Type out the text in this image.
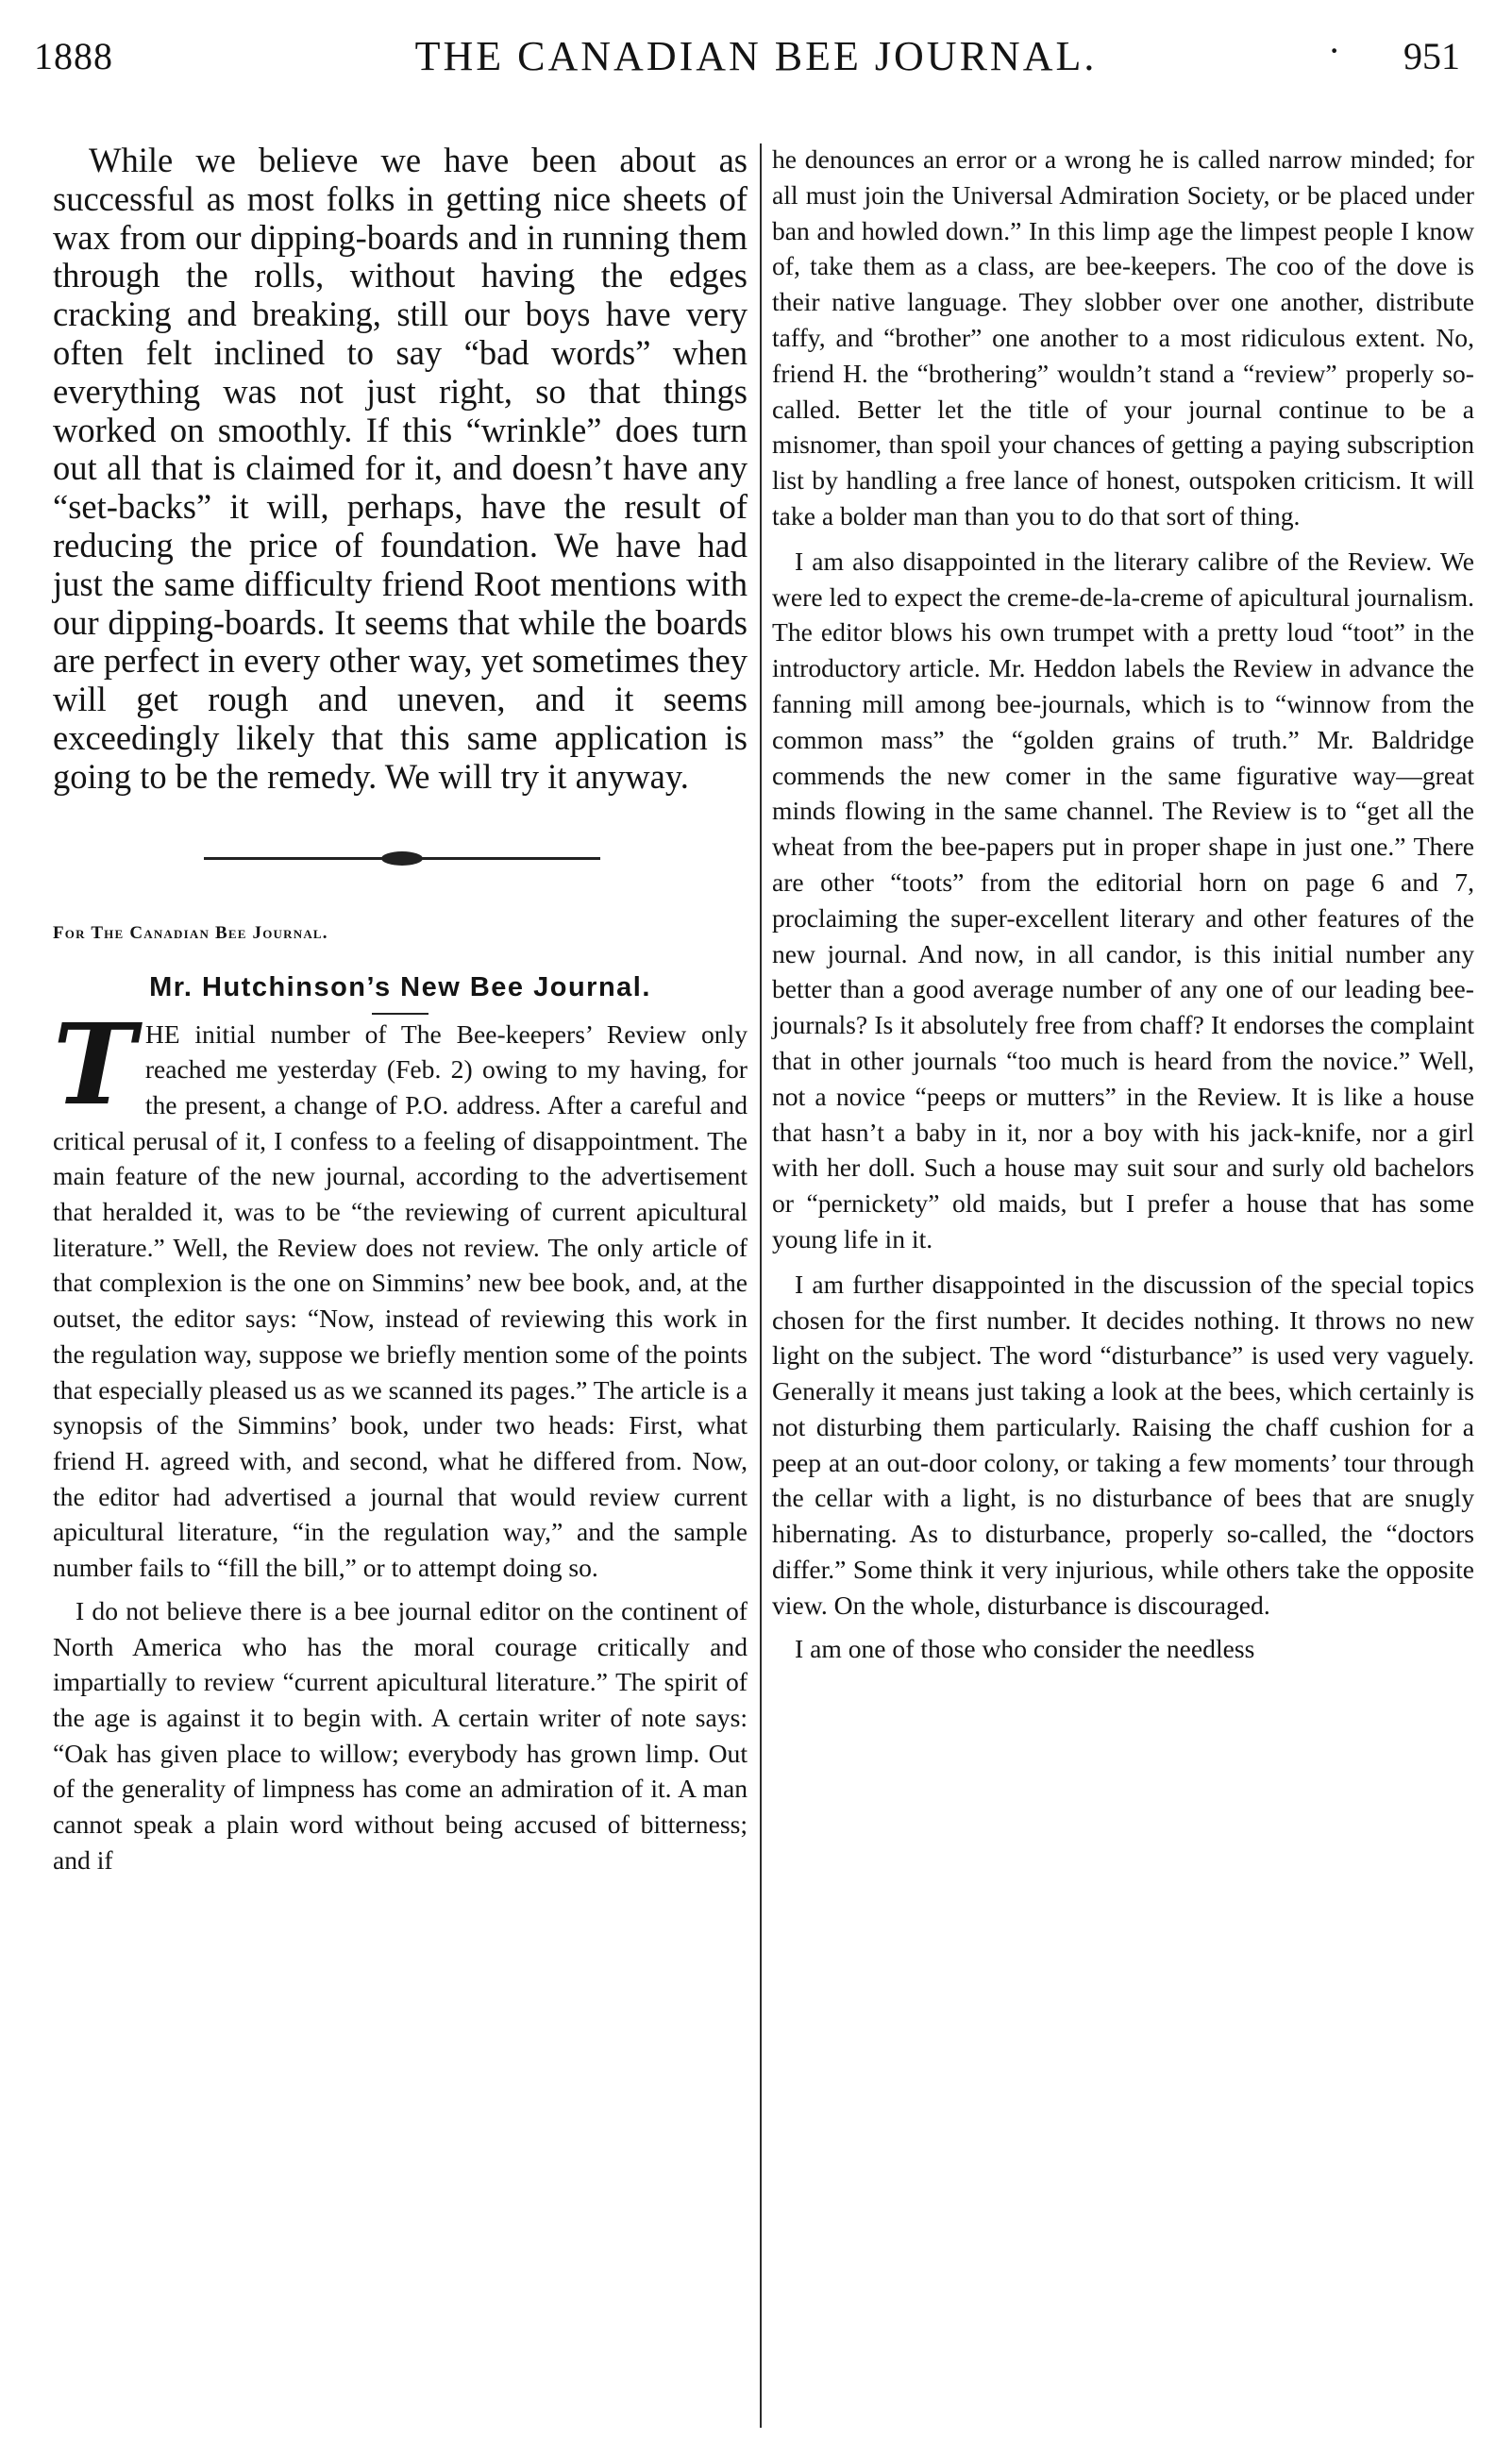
1888	THE CANADIAN BEE JOURNAL.	· 951

While we believe we have been about as successful as most folks in getting nice sheets of wax from our dipping-boards and in running them through the rolls, without having the edges cracking and breaking, still our boys have very often felt inclined to say “bad words” when everything was not just right, so that things worked on smoothly. If this “wrinkle” does turn out all that is claimed for it, and doesn’t have any “set-backs” it will, perhaps, have the result of reducing the price of foundation. We have had just the same difficulty friend Root mentions with our dipping-boards. It seems that while the boards are perfect in every other way, yet sometimes they will get rough and uneven, and it seems exceedingly likely that this same application is going to be the remedy. We will try it anyway.

For The Canadian Bee Journal.
Mr. Hutchinson’s New Bee Journal.

THE initial number of The Bee-keepers’ Review only reached me yesterday (Feb. 2) owing to my having, for the present, a change of P.O. address. After a careful and critical perusal of it, I confess to a feeling of disappointment. The main feature of the new journal, according to the advertisement that heralded it, was to be “the reviewing of current apicultural literature.” Well, the Review does not review. The only article of that complexion is the one on Simmins’ new bee book, and, at the outset, the editor says: “Now, instead of reviewing this work in the regulation way, suppose we briefly mention some of the points that especially pleased us as we scanned its pages.” The article is a synopsis of the Simmins’ book, under two heads: First, what friend H. agreed with, and second, what he differed from. Now, the editor had advertised a journal that would review current apicultural literature, “in the regulation way,” and the sample number fails to “fill the bill,” or to attempt doing so.

I do not believe there is a bee journal editor on the continent of North America who has the moral courage critically and impartially to review “current apicultural literature.” The spirit of the age is against it to begin with. A certain writer of note says: “Oak has given place to willow; everybody has grown limp. Out of the generality of limpness has come an admiration of it. A man cannot speak a plain word without being accused of bitterness; and if

he denounces an error or a wrong he is called narrow minded; for all must join the Universal Admiration Society, or be placed under ban and howled down.” In this limp age the limpest people I know of, take them as a class, are bee-keepers. The coo of the dove is their native language. They slobber over one another, distribute taffy, and “brother” one another to a most ridiculous extent. No, friend H. the “brothering” wouldn’t stand a “review” properly so-called. Better let the title of your journal continue to be a misnomer, than spoil your chances of getting a paying subscription list by handling a free lance of honest, outspoken criticism. It will take a bolder man than you to do that sort of thing.

I am also disappointed in the literary calibre of the Review. We were led to expect the creme-de-la-creme of apicultural journalism. The editor blows his own trumpet with a pretty loud “toot” in the introductory article. Mr. Heddon labels the Review in advance the fanning mill among bee-journals, which is to “winnow from the common mass” the “golden grains of truth.” Mr. Baldridge commends the new comer in the same figurative way—great minds flowing in the same channel. The Review is to “get all the wheat from the bee-papers put in proper shape in just one.” There are other “toots” from the editorial horn on page 6 and 7, proclaiming the super-excellent literary and other features of the new journal. And now, in all candor, is this initial number any better than a good average number of any one of our leading bee-journals? Is it absolutely free from chaff? It endorses the complaint that in other journals “too much is heard from the novice.” Well, not a novice “peeps or mutters” in the Review. It is like a house that hasn’t a baby in it, nor a boy with his jack-knife, nor a girl with her doll. Such a house may suit sour and surly old bachelors or “pernickety” old maids, but I prefer a house that has some young life in it.

I am further disappointed in the discussion of the special topics chosen for the first number. It decides nothing. It throws no new light on the subject. The word “disturbance” is used very vaguely. Generally it means just taking a look at the bees, which certainly is not disturbing them particularly. Raising the chaff cushion for a peep at an out-door colony, or taking a few moments’ tour through the cellar with a light, is no disturbance of bees that are snugly hibernating. As to disturbance, properly so-called, the “doctors differ.” Some think it very injurious, while others take the opposite view. On the whole, disturbance is discouraged.

I am one of those who consider the needless
